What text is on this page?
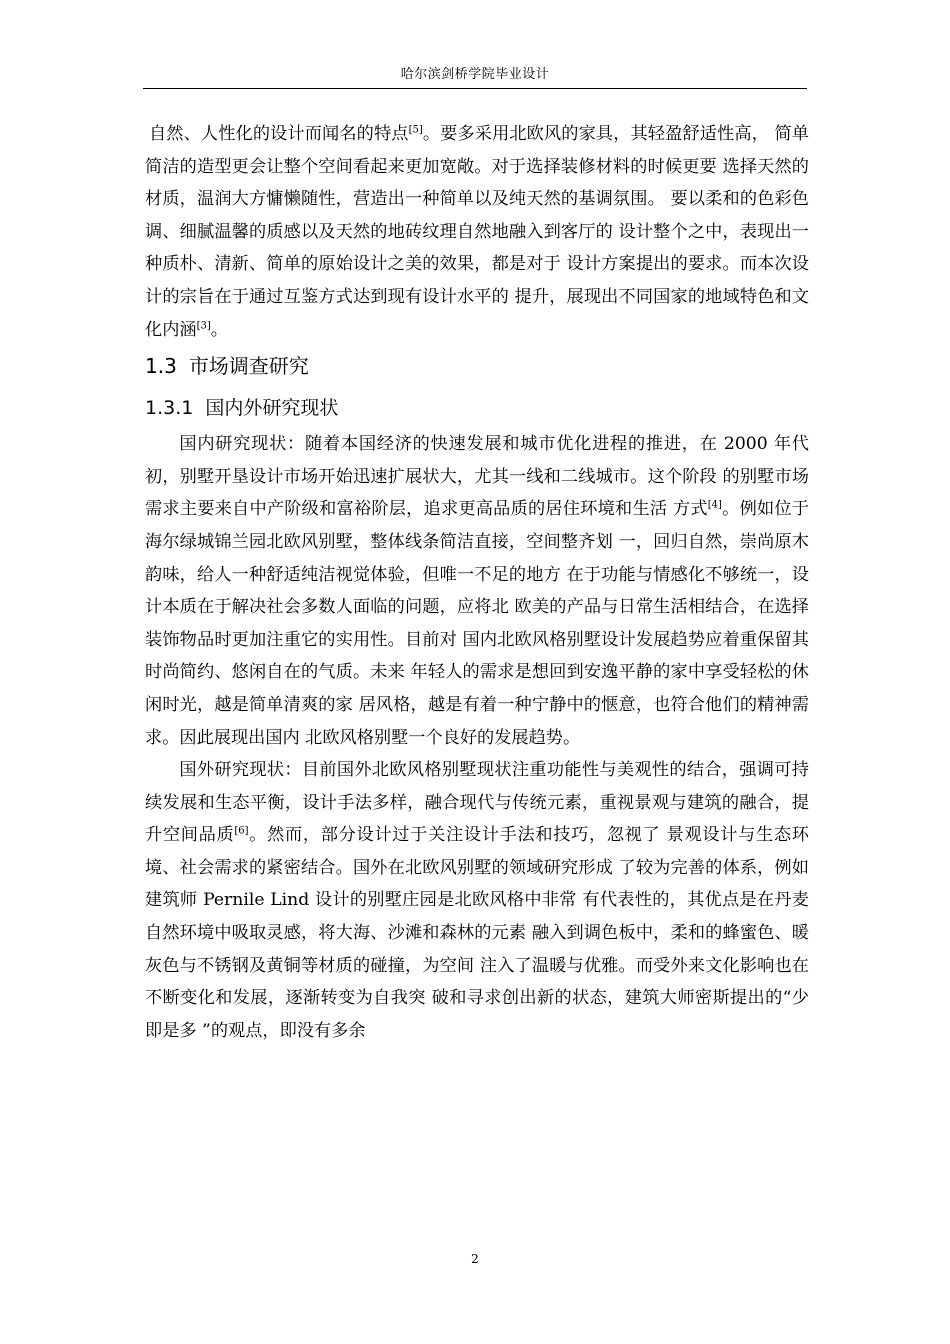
哈尔滨剑桥学院毕业设计

自然、人性化的设计而闻名的特点[5]。要多采用北欧风的家具，其轻盈舒适性高， 简单简洁的造型更会让整个空间看起来更加宽敞。对于选择装修材料的时候更要 选择天然的材质，温润大方慵懒随性，营造出一种简单以及纯天然的基调氛围。 要以柔和的色彩色调、细腻温馨的质感以及天然的地砖纹理自然地融入到客厅的 设计整个之中，表现出一种质朴、清新、简单的原始设计之美的效果，都是对于 设计方案提出的要求。而本次设计的宗旨在于通过互鉴方式达到现有设计水平的 提升，展现出不同国家的地域特色和文化内涵[3]。

1.3 市场调查研究
1.3.1 国内外研究现状

国内研究现状：随着本国经济的快速发展和城市优化进程的推进，在 2000 年代初，别墅开垦设计市场开始迅速扩展状大，尤其一线和二线城市。这个阶段 的别墅市场需求主要来自中产阶级和富裕阶层，追求更高品质的居住环境和生活 方式[4]。例如位于海尔绿城锦兰园北欧风别墅，整体线条简洁直接，空间整齐划 一，回归自然，崇尚原木韵味，给人一种舒适纯洁视觉体验，但唯一不足的地方 在于功能与情感化不够统一，设计本质在于解决社会多数人面临的问题，应将北 欧美的产品与日常生活相结合，在选择装饰物品时更加注重它的实用性。目前对 国内北欧风格别墅设计发展趋势应着重保留其时尚简约、悠闲自在的气质。未来 年轻人的需求是想回到安逸平静的家中享受轻松的休闲时光，越是简单清爽的家 居风格，越是有着一种宁静中的惬意，也符合他们的精神需求。因此展现出国内 北欧风格别墅一个良好的发展趋势。

国外研究现状：目前国外北欧风格别墅现状注重功能性与美观性的结合，强调可持续发展和生态平衡，设计手法多样，融合现代与传统元素，重视景观与建筑的融合，提升空间品质[6]。然而，部分设计过于关注设计手法和技巧，忽视了 景观设计与生态环境、社会需求的紧密结合。国外在北欧风别墅的领域研究形成 了较为完善的体系，例如建筑师 Pernile Lind 设计的别墅庄园是北欧风格中非常 有代表性的，其优点是在丹麦自然环境中吸取灵感，将大海、沙滩和森林的元素 融入到调色板中，柔和的蜂蜜色、暖灰色与不锈钢及黄铜等材质的碰撞，为空间 注入了温暖与优雅。而受外来文化影响也在不断变化和发展，逐渐转变为自我突 破和寻求创出新的状态，建筑大师密斯提出的“少即是多 ”的观点，即没有多余

2
